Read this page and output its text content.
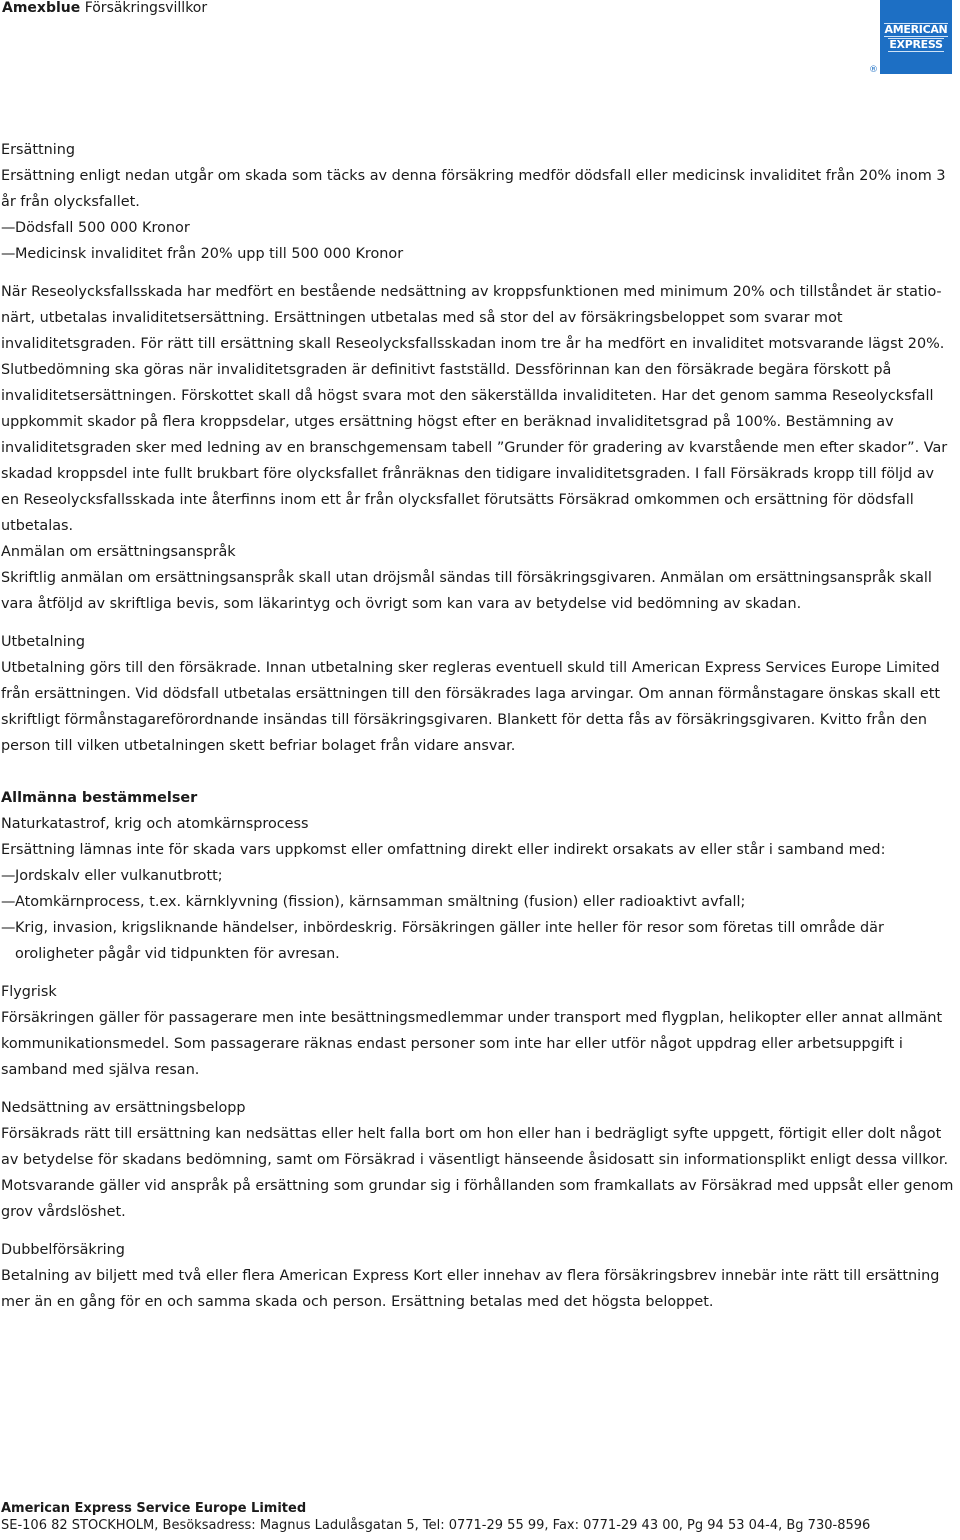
Amexblue Försäkringsvillkor
AMERICAN
EXPRESS
®
Ersättning

Ersättning enligt nedan utgår om skada som täcks av denna försäkring medför dödsfall eller medicinsk invaliditet från 20% inom 3 år från olycksfallet.

— Dödsfall 500 000 Kronor
— Medicinsk invaliditet från 20% upp till 500 000 Kronor

När Reseolycksfallsskada har medfört en bestående nedsättning av kroppsfunktionen med minimum 20% och tillståndet är stationärt, utbetalas invaliditetsersättning. Ersättningen utbetalas med så stor del av försäkringsbeloppet som svarar mot invaliditetsgraden. För rätt till ersättning skall Reseolycksfallsskadan inom tre år ha medfört en invaliditet motsvarande lägst 20%. Slutbedömning ska göras när invaliditetsgraden är definitivt fastställd. Dessförinnan kan den försäkrade begära förskott på invaliditetsersättningen. Förskottet skall då högst svara mot den säkerställda invaliditeten. Har det genom samma Reseolycksfall uppkommit skador på flera kroppsdelar, utges ersättning högst efter en beräknad invaliditetsgrad på 100%. Bestämning av invaliditetsgraden sker med ledning av en branschgemensam tabell ”Grunder för gradering av kvarstående men efter skador”. Var skadad kroppsdel inte fullt brukbart före olycksfallet frånräknas den tidigare invaliditetsgraden. I fall Försäkrads kropp till följd av en Reseolycksfallsskada inte återfinns inom ett år från olycksfallet förutsätts Försäkrad omkommen och ersättning för dödsfall utbetalas.

Anmälan om ersättningsanspråk

Skriftlig anmälan om ersättningsanspråk skall utan dröjsmål sändas till försäkringsgivaren. Anmälan om ersättningsanspråk skall vara åtföljd av skriftliga bevis, som läkarintyg och övrigt som kan vara av betydelse vid bedömning av skadan.

Utbetalning

Utbetalning görs till den försäkrade. Innan utbetalning sker regleras eventuell skuld till American Express Services Europe Limited från ersättningen. Vid dödsfall utbetalas ersättningen till den försäkrades laga arvingar. Om annan förmånstagare önskas skall ett skriftligt förmånstagareförordnande insändas till försäkringsgivaren. Blankett för detta fås av försäkringsgivaren. Kvitto från den person till vilken utbetalningen skett befriar bolaget från vidare ansvar.

Allmänna bestämmelser
Naturkatastrof, krig och atomkärnsprocess

Ersättning lämnas inte för skada vars uppkomst eller omfattning direkt eller indirekt orsakats av eller står i samband med:

— Jordskalv eller vulkanutbrott;
— Atomkärnprocess, t.ex. kärnklyvning (fission), kärnsamman smältning (fusion) eller radioaktivt avfall;
— Krig, invasion, krigsliknande händelser, inbördeskrig. Försäkringen gäller inte heller för resor som företas till område där oroligheter pågår vid tidpunkten för avresan.
Flygrisk

Försäkringen gäller för passagerare men inte besättningsmedlemmar under transport med flygplan, helikopter eller annat allmänt kommunikationsmedel. Som passagerare räknas endast personer som inte har eller utför något uppdrag eller arbetsuppgift i samband med själva resan.

Nedsättning av ersättningsbelopp

Försäkrads rätt till ersättning kan nedsättas eller helt falla bort om hon eller han i bedrägligt syfte uppgett, förtigit eller dolt något av betydelse för skadans bedömning, samt om Försäkrad i väsentligt hänseende åsidosatt sin informationsplikt enligt dessa villkor. Motsvarande gäller vid anspråk på ersättning som grundar sig i förhållanden som framkallats av Försäkrad med uppsåt eller genom grov vårdslöshet.

Dubbelförsäkring

Betalning av biljett med två eller flera American Express Kort eller innehav av flera försäkringsbrev innebär inte rätt till ersättning mer än en gång för en och samma skada och person. Ersättning betalas med det högsta beloppet.

American Express Service Europe Limited
SE-106 82 STOCKHOLM, Besöksadress: Magnus Ladulåsgatan 5, Tel: 0771-29 55 99, Fax: 0771-29 43 00, Pg 94 53 04-4, Bg 730-8596
